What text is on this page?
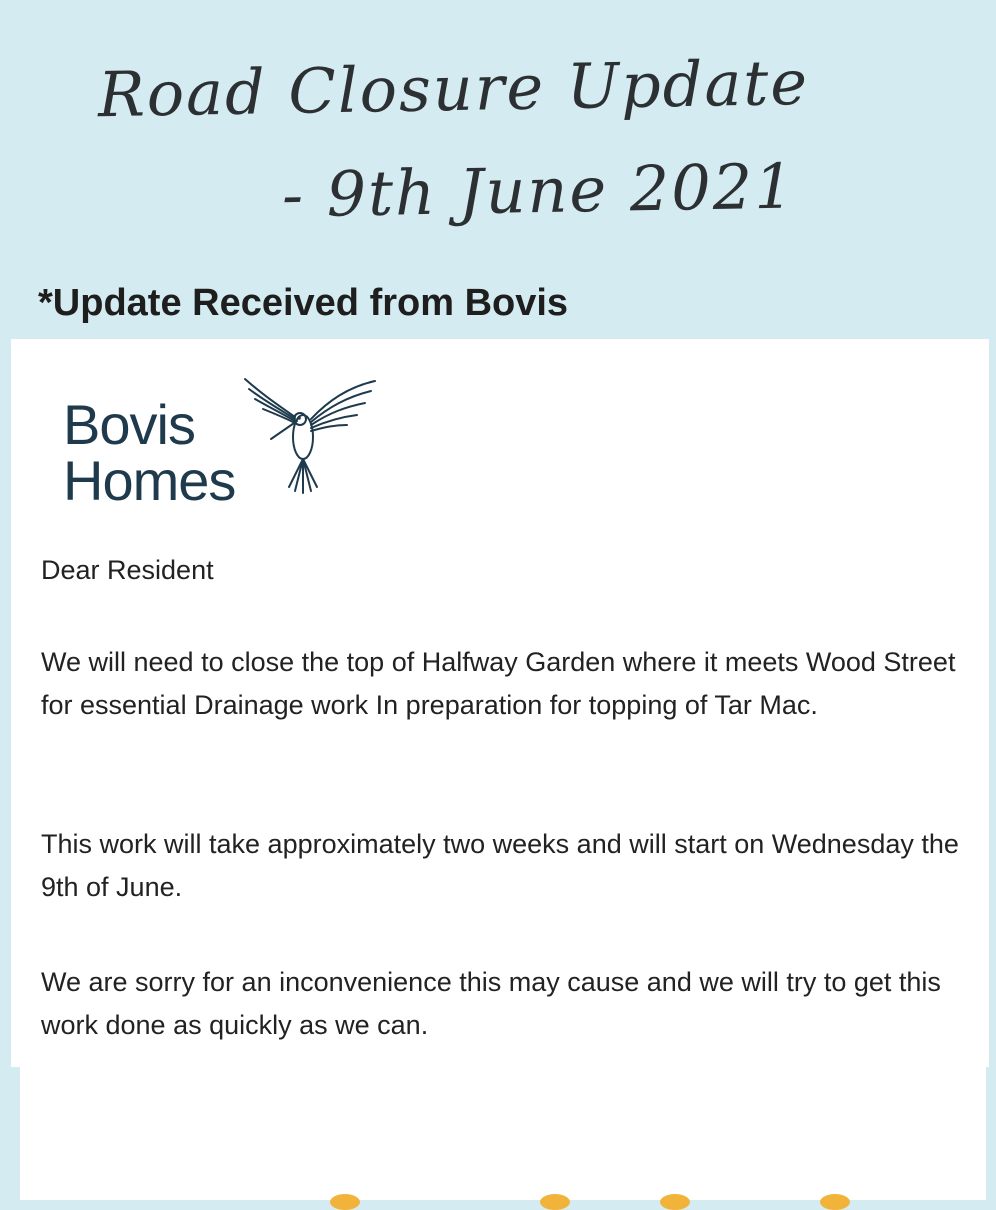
Road Closure Update
- 9th June 2021
*Update Received from Bovis
Bovis
Homes
Dear Resident
We will need to close the top of Halfway Garden where it meets Wood Street for essential Drainage work In preparation for topping of Tar Mac.
This work will take approximately two weeks and will start on Wednesday the 9th of June.
We are sorry for an inconvenience this may cause and we will try to get this work done as quickly as we can.
